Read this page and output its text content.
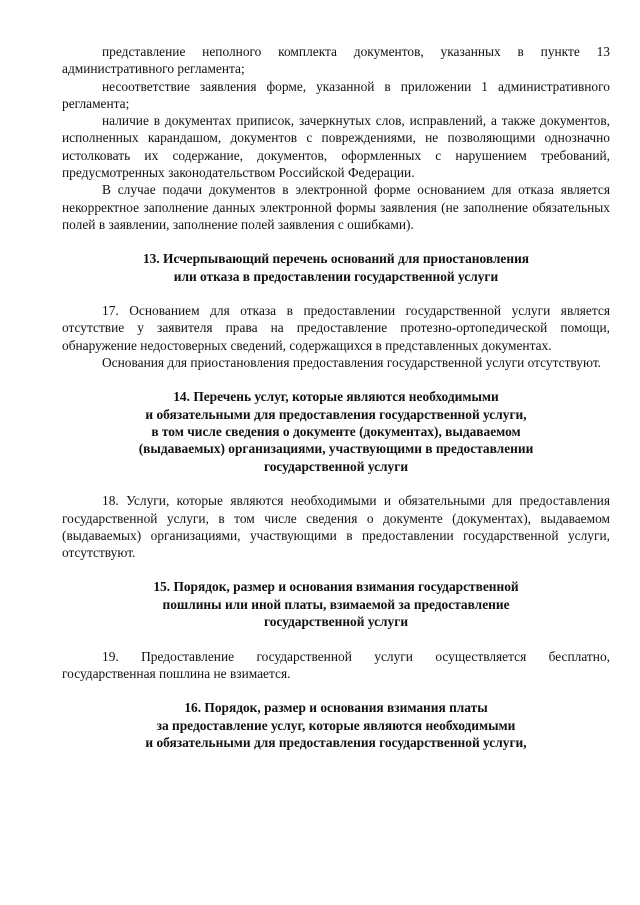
представление неполного комплекта документов, указанных в пункте 13 административного регламента;

несоответствие заявления форме, указанной в приложении 1 административного регламента;

наличие в документах приписок, зачеркнутых слов, исправлений, а также документов, исполненных карандашом, документов с повреждениями, не позволяющими однозначно истолковать их содержание, документов, оформленных с нарушением требований, предусмотренных законодательством Российской Федерации.

В случае подачи документов в электронной форме основанием для отказа является некорректное заполнение данных электронной формы заявления (не заполнение обязательных полей в заявлении, заполнение полей заявления с ошибками).

13. Исчерпывающий перечень оснований для приостановления
или отказа в предоставлении государственной услуги

17. Основанием для отказа в предоставлении государственной услуги является отсутствие у заявителя права на предоставление протезно-ортопедической помощи, обнаружение недостоверных сведений, содержащихся в представленных документах.

Основания для приостановления предоставления государственной услуги отсутствуют.

14. Перечень услуг, которые являются необходимыми
и обязательными для предоставления государственной услуги,
в том числе сведения о документе (документах), выдаваемом
(выдаваемых) организациями, участвующими в предоставлении
государственной услуги

18. Услуги, которые являются необходимыми и обязательными для предоставления государственной услуги, в том числе сведения о документе (документах), выдаваемом (выдаваемых) организациями, участвующими в предоставлении государственной услуги, отсутствуют.

15. Порядок, размер и основания взимания государственной
пошлины или иной платы, взимаемой за предоставление
государственной услуги

19. Предоставление государственной услуги осуществляется бесплатно, государственная пошлина не взимается.

16. Порядок, размер и основания взимания платы
за предоставление услуг, которые являются необходимыми
и обязательными для предоставления государственной услуги,
